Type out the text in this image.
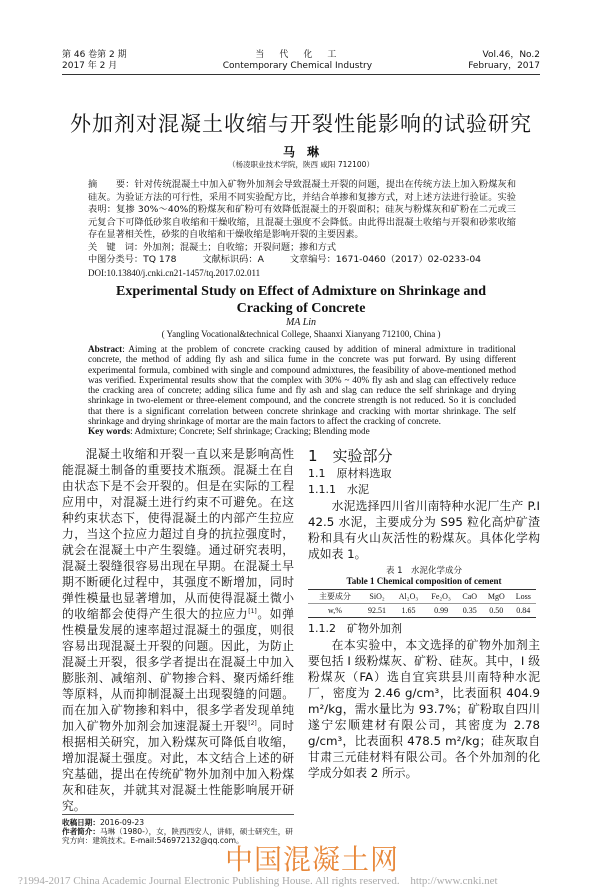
第 46 卷第 2 期
2017 年 2 月
当　代　化　工
Contemporary Chemical Industry
Vol.46，No.2
February，2017
外加剂对混凝土收缩与开裂性能影响的试验研究
马　琳
（杨凌职业技术学院，陕西 咸阳 712100）
摘　　要：针对传统混凝土中加入矿物外加剂会导致混凝土开裂的问题，提出在传统方法上加入粉煤灰和硅灰。为验证方法的可行性，采用不同实验配方比，并结合单掺和复掺方式，对上述方法进行验证。实验表明：复掺 30%～40%的粉煤灰和矿粉可有效降低混凝土的开裂面积；硅灰与粉煤灰和矿粉在二元或三元复合下可降低砂浆自收缩和干燥收缩，且混凝土强度不会降低。由此得出混凝土收缩与开裂和砂浆收缩存在显著相关性，砂浆的自收缩和干燥收缩是影响开裂的主要因素。
关　键　词：外加剂；混凝土；自收缩；开裂问题；掺和方式
中图分类号：TQ 178	文献标识码：A	文章编号：1671-0460（2017）02-0233-04
DOI:10.13840/j.cnki.cn21-1457/tq.2017.02.011
Experimental Study on Effect of Admixture on Shrinkage and Cracking of Concrete
MA Lin
( Yangling Vocational&technical College, Shaanxi Xianyang 712100, China )
Abstract: Aiming at the problem of concrete cracking caused by addition of mineral admixture in traditional concrete, the method of adding fly ash and silica fume in the concrete was put forward. By using different experimental formula, combined with single and compound admixtures, the feasibility of above-mentioned method was verified. Experimental results show that the complex with 30% ~ 40% fly ash and slag can effectively reduce the cracking area of concrete; adding silica fume and fly ash and slag can reduce the self shrinkage and drying shrinkage in two-element or three-element compound, and the concrete strength is not reduced. So it is concluded that there is a significant correlation between concrete shrinkage and cracking with mortar shrinkage. The self shrinkage and drying shrinkage of mortar are the main factors to affect the cracking of concrete.
Key words: Admixture; Concrete; Self shrinkage; Cracking; Blending mode

混凝土收缩和开裂一直以来是影响高性能混凝土制备的重要技术瓶颈。混凝土在自由状态下是不会开裂的。但是在实际的工程应用中，对混凝土进行约束不可避免。在这种约束状态下，使得混凝土的内部产生拉应力，当这个拉应力超过自身的抗拉强度时，就会在混凝土中产生裂缝。通过研究表明，混凝土裂缝很容易出现在早期。在混凝土早期不断硬化过程中，其强度不断增加，同时弹性模量也显著增加，从而使得混凝土微小的收缩都会使得产生很大的拉应力[1]。如弹性模量发展的速率超过混凝土的强度，则很容易出现混凝土开裂的问题。因此，为防止混凝土开裂，很多学者提出在混凝土中加入膨胀剂、减缩剂、矿物掺合料、聚丙烯纤维等原料，从而抑制混凝土出现裂缝的问题。而在加入矿物掺和料中，很多学者发现单纯加入矿物外加剂会加速混凝土开裂[2]。同时根据相关研究，加入粉煤灰可降低自收缩，增加混凝土强度。对此，本文结合上述的研究基础，提出在传统矿物外加剂中加入粉煤灰和硅灰，并就其对混凝土性能影响展开研究。

收稿日期：2016-09-23
作者简介：马琳（1980-），女，陕西西安人，讲师，硕士研究生，研究方向：建筑技术。E-mail:546972132@qq.com。
1　实验部分
1.1　原材料选取
1.1.1　水泥

水泥选择四川省川南特种水泥厂生产 P.I 42.5 水泥，主要成分为 S95 粒化高炉矿渣粉和具有火山灰活性的粉煤灰。具体化学构成如表 1。

表 1　水泥化学成分
Table 1 Chemical composition of cement
主要成分	SiO₂	Al₂O₃	Fe₂O₃	CaO	MgO	Loss
w,%	92.51	1.65	0.99	0.35	0.50	0.84
1.1.2　矿物外加剂

在本实验中，本文选择的矿物外加剂主要包括 I 级粉煤灰、矿粉、硅灰。其中，I 级粉煤灰（FA）选自宜宾珙县川南特种水泥厂，密度为 2.46 g/cm³，比表面积 404.9 m²/kg，需水量比为 93.7%；矿粉取自四川遂宁宏顺建材有限公司，其密度为 2.78 g/cm³，比表面积 478.5 m²/kg；硅灰取自甘肃三元硅材料有限公司。各个外加剂的化学成分如表 2 所示。

中国混凝土网
?1994-2017 China Academic Journal Electronic Publishing House. All rights reserved. http://www.cnki.net
